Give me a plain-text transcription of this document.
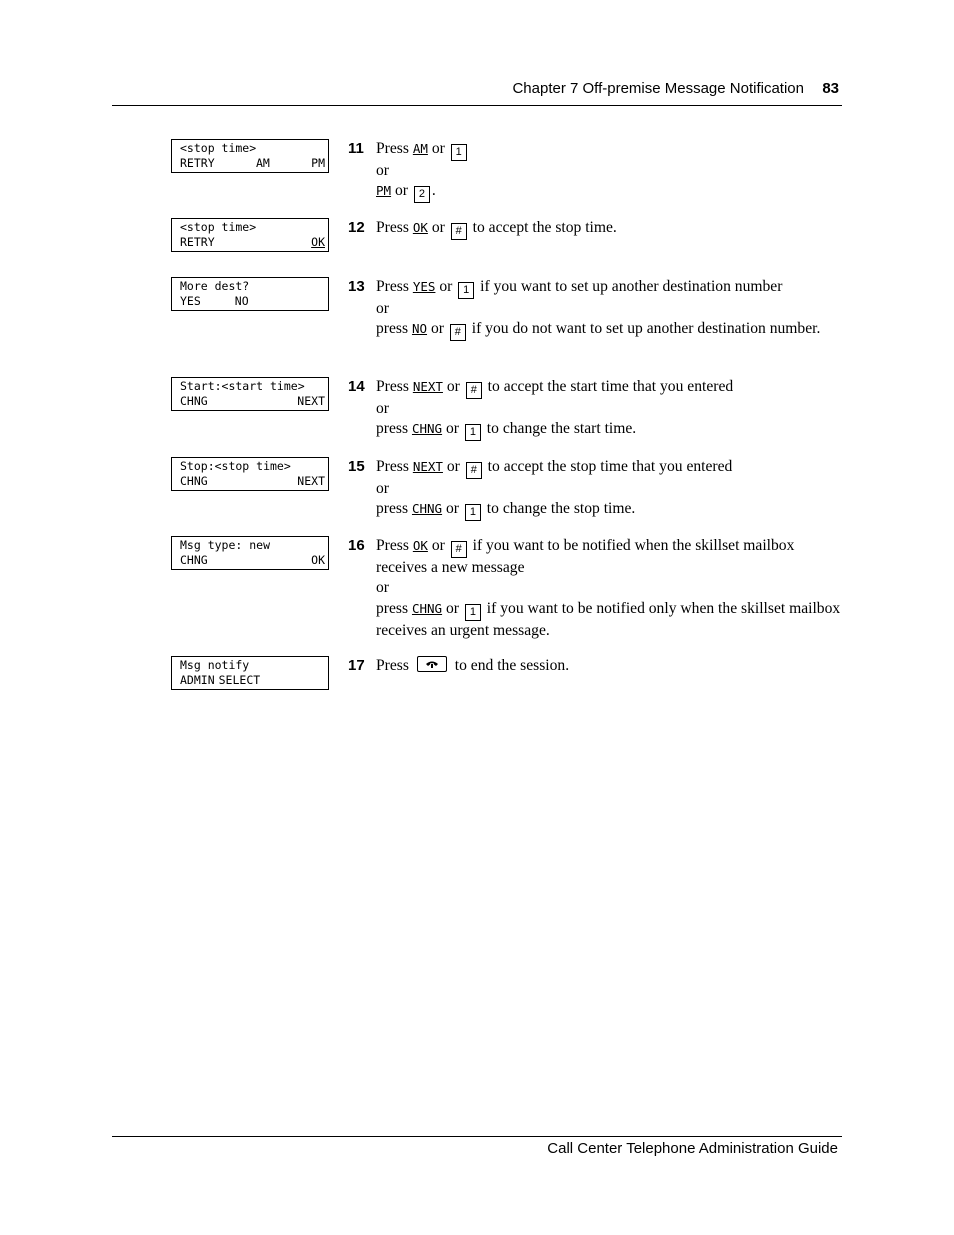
Chapter 7 Off-premise Message Notification 83
<stop time>
RETRY	AM	PM
11 Press AM or 1
or
PM or 2 .
<stop time>
RETRY	OK
12 Press OK or # to accept the stop time.
More dest?
YES	NO
13 Press YES or 1 if you want to set up another destination number
or
press NO or # if you do not want to set up another destination number.
Start:<start time>
CHNG	NEXT
14 Press NEXT or # to accept the start time that you entered
or
press CHNG or 1 to change the start time.
Stop:<stop time>
CHNG	NEXT
15 Press NEXT or # to accept the stop time that you entered
or
press CHNG or 1 to change the stop time.
Msg type: new
CHNG	OK
16 Press OK or # if you want to be notified when the skillset mailbox receives a new message
or
press CHNG or 1 if you want to be notified only when the skillset mailbox receives an urgent message.
Msg notify
ADMIN SELECT
17 Press	to end the session.
Call Center Telephone Administration Guide
